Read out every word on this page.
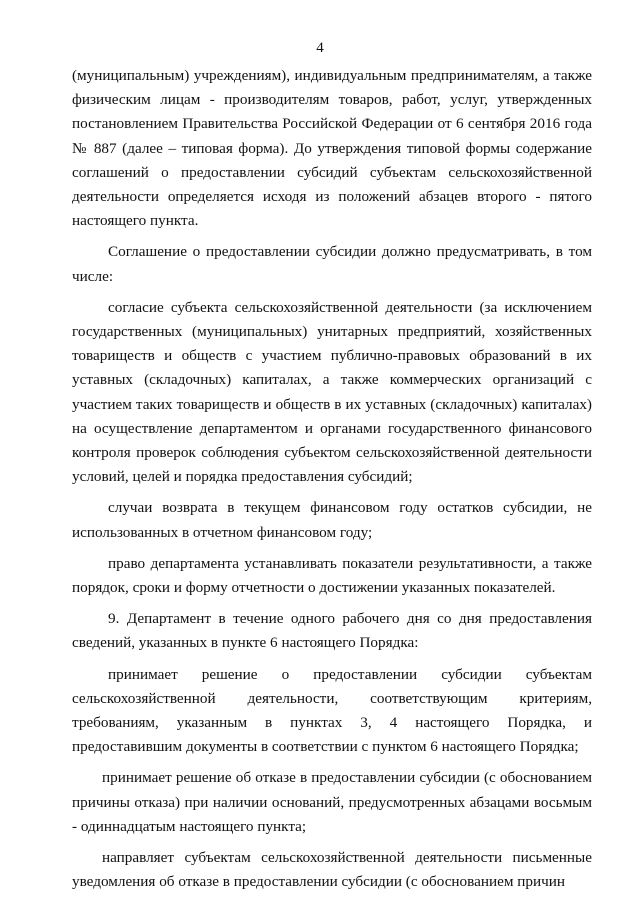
4

(муниципальным) учреждениям), индивидуальным предпринимателям, а также физическим лицам - производителям товаров, работ, услуг, утвержденных постановлением Правительства Российской Федерации от 6 сентября 2016 года № 887 (далее – типовая форма). До утверждения типовой формы содержание соглашений о предоставлении субсидий субъектам сельскохозяйственной деятельности определяется исходя из положений абзацев второго - пятого настоящего пункта.

Соглашение о предоставлении субсидии должно предусматривать, в том числе:

согласие субъекта сельскохозяйственной деятельности (за исключением государственных (муниципальных) унитарных предприятий, хозяйственных товариществ и обществ с участием публично-правовых образований в их уставных (складочных) капиталах, а также коммерческих организаций с участием таких товариществ и обществ в их уставных (складочных) капиталах) на осуществление департаментом и органами государственного финансового контроля проверок соблюдения субъектом сельскохозяйственной деятельности условий, целей и порядка предоставления субсидий;

случаи возврата в текущем финансовом году остатков субсидии, не использованных в отчетном финансовом году;

право департамента устанавливать показатели результативности, а также порядок, сроки и форму отчетности о достижении указанных показателей.

9. Департамент в течение одного рабочего дня со дня предоставления сведений, указанных в пункте 6 настоящего Порядка:

принимает решение о предоставлении субсидии субъектам сельскохозяйственной деятельности, соответствующим критериям, требованиям, указанным в пунктах 3, 4 настоящего Порядка, и предоставившим документы в соответствии с пунктом 6 настоящего Порядка;

принимает решение об отказе в предоставлении субсидии (с обоснованием причины отказа) при наличии оснований, предусмотренных абзацами восьмым - одиннадцатым настоящего пункта;

направляет субъектам сельскохозяйственной деятельности письменные уведомления об отказе в предоставлении субсидии (с обоснованием причин
